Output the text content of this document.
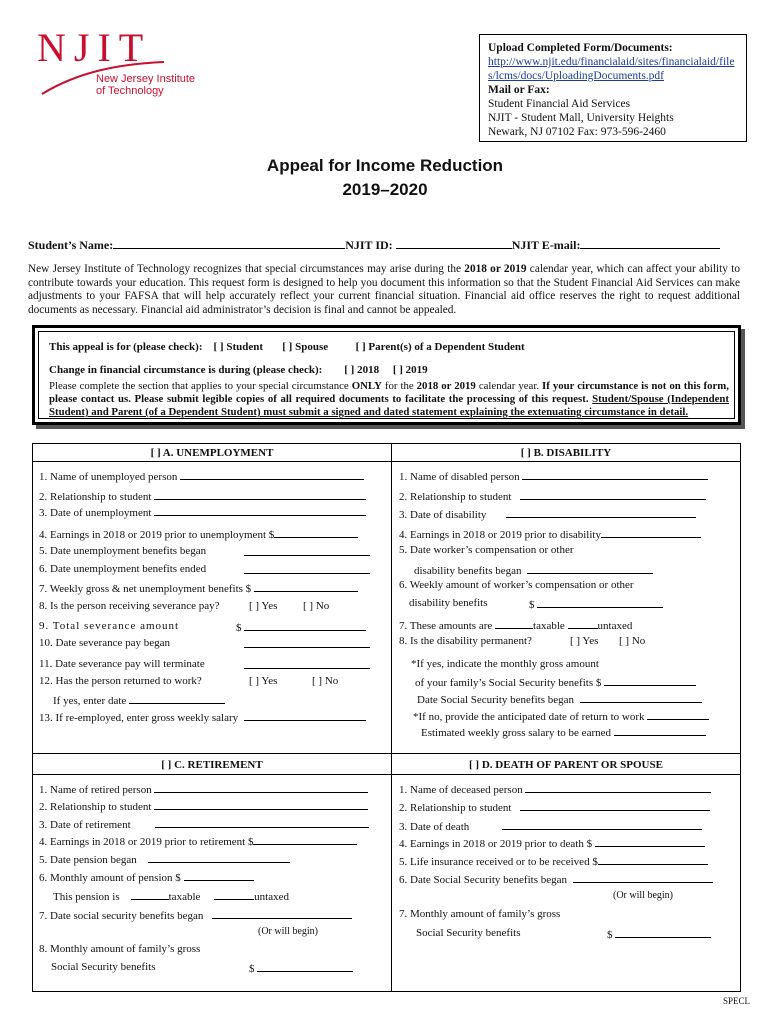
NJIT
New Jersey Institute
of Technology
Upload Completed Form/Documents:
http://www.njit.edu/financialaid/sites/financialaid/files/lcms/docs/UploadingDocuments.pdf
Mail or Fax:
Student Financial Aid Services
NJIT - Student Mall, University Heights
Newark, NJ 07102 Fax: 973-596-2460
Appeal for Income Reduction
2019–2020
Student’s Name:	NJIT ID:	NJIT E-mail:
New Jersey Institute of Technology recognizes that special circumstances may arise during the 2018 or 2019 calendar year, which can affect your ability to contribute towards your education. This request form is designed to help you document this information so that the Student Financial Aid Services can make adjustments to your FAFSA that will help accurately reflect your current financial situation. Financial aid office reserves the right to request additional documents as necessary. Financial aid administrator’s decision is final and cannot be appealed.
This appeal is for (please check): [ ] Student [ ] Spouse	[ ] Parent(s) of a Dependent Student
Change in financial circumstance is during (please check): [ ] 2018 [ ] 2019
Please complete the section that applies to your special circumstance ONLY for the 2018 or 2019 calendar year. If your circumstance is not on this form, please contact us. Please submit legible copies of all required documents to facilitate the processing of this request. Student/Spouse (Independent Student) and Parent (of a Dependent Student) must submit a signed and dated statement explaining the extenuating circumstance in detail.
[ ] A. UNEMPLOYMENT
1. Name of unemployed person
2. Relationship to student
3. Date of unemployment
4. Earnings in 2018 or 2019 prior to unemployment $
5. Date unemployment benefits began
6. Date unemployment benefits ended
7. Weekly gross & net unemployment benefits $
8. Is the person receiving severance pay?	[ ] Yes [ ] No
9. Total severance amount	$
10. Date severance pay began
11. Date severance pay will terminate
12. Has the person returned to work?	[ ] Yes	[ ] No
If yes, enter date
13. If re-employed, enter gross weekly salary
[ ] B. DISABILITY
1. Name of disabled person
2. Relationship to student
3. Date of disability
4. Earnings in 2018 or 2019 prior to disability
5. Date worker’s compensation or other
disability benefits began
6. Weekly amount of worker’s compensation or other
disability benefits	$
7. These amounts are	taxable	untaxed
8. Is the disability permanent?	[ ] Yes [ ] No
*If yes, indicate the monthly gross amount
of your family’s Social Security benefits $
Date Social Security benefits began
*If no, provide the anticipated date of return to work
Estimated weekly gross salary to be earned
[ ] C. RETIREMENT
1. Name of retired person
2. Relationship to student
3. Date of retirement
4. Earnings in 2018 or 2019 prior to retirement $
5. Date pension began
6. Monthly amount of pension $
This pension is	taxable	untaxed
7. Date social security benefits began
(Or will begin)
8. Monthly amount of family’s gross
Social Security benefits	$
[ ] D. DEATH OF PARENT OR SPOUSE
1. Name of deceased person
2. Relationship to student
3. Date of death
4. Earnings in 2018 or 2019 prior to death $
5. Life insurance received or to be received $
6. Date Social Security benefits began
(Or will begin)
7. Monthly amount of family’s gross
Social Security benefits	$
SPECL
